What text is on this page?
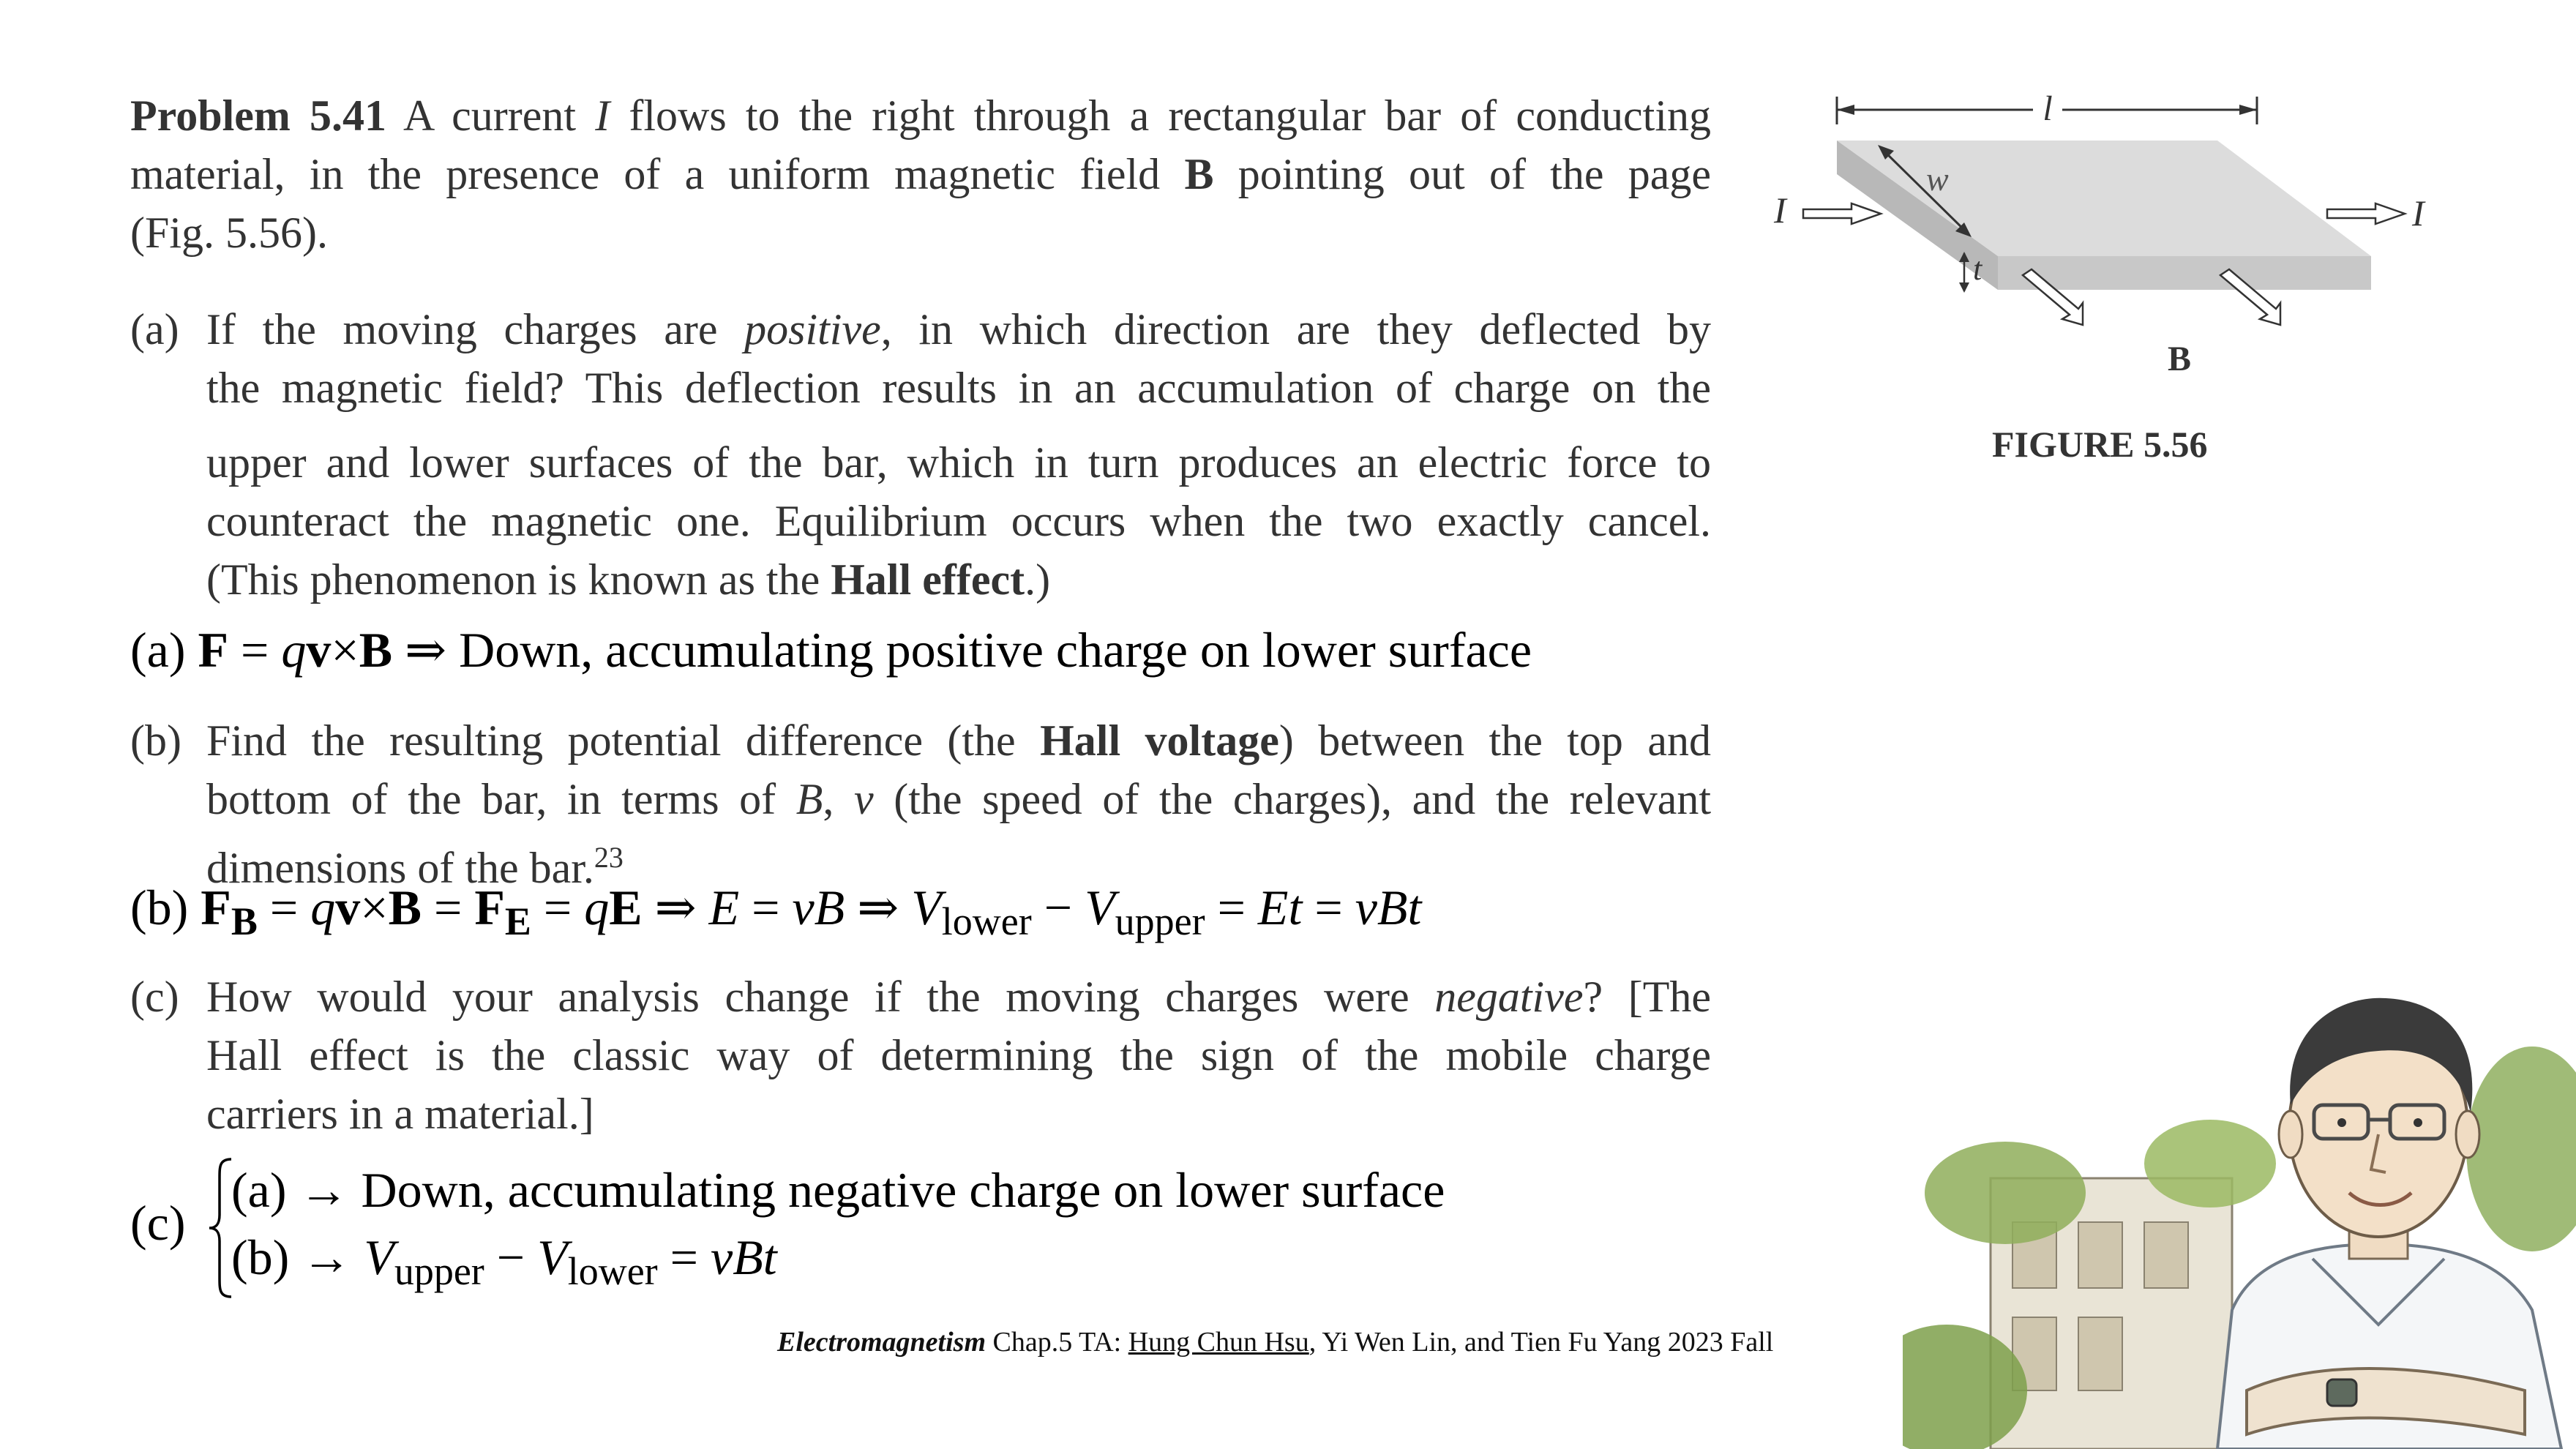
Problem 5.41 A current I flows to the right through a rectangular bar of conducting

material, in the presence of a uniform magnetic field B pointing out of the page

(Fig. 5.56).

(a) If the moving charges are positive, in which direction are they deflected by

the magnetic field? This deflection results in an accumulation of charge on the

upper and lower surfaces of the bar, which in turn produces an electric force to

counteract the magnetic one. Equilibrium occurs when the two exactly cancel.

(This phenomenon is known as the Hall effect.)

(a) F = qv×B ⇒ Down, accumulating positive charge on lower surface
(b) Find the resulting potential difference (the Hall voltage) between the top and

bottom of the bar, in terms of B, v (the speed of the charges), and the relevant

dimensions of the bar.$^{23}$

(b) $F_B = qv\times B = F_E$ = qE ⇒ E = vB ⇒ $V_{lower} - V_{upper} = Et$ = vBt
(c) How would your analysis change if the moving charges were negative? [The

Hall effect is the classic way of determining the sign of the mobile charge

carriers in a material.]

(c)
(a) → Down, accumulating negative charge on lower surface
$(b) \to V_{upper} - V_{lower}$ = vBt
l
w
t
I	I
B
FIGURE 5.56
Electromagnetism Chap.5 TA: Hung Chun Hsu, Yi Wen Lin, and Tien Fu Yang 2023 Fall
